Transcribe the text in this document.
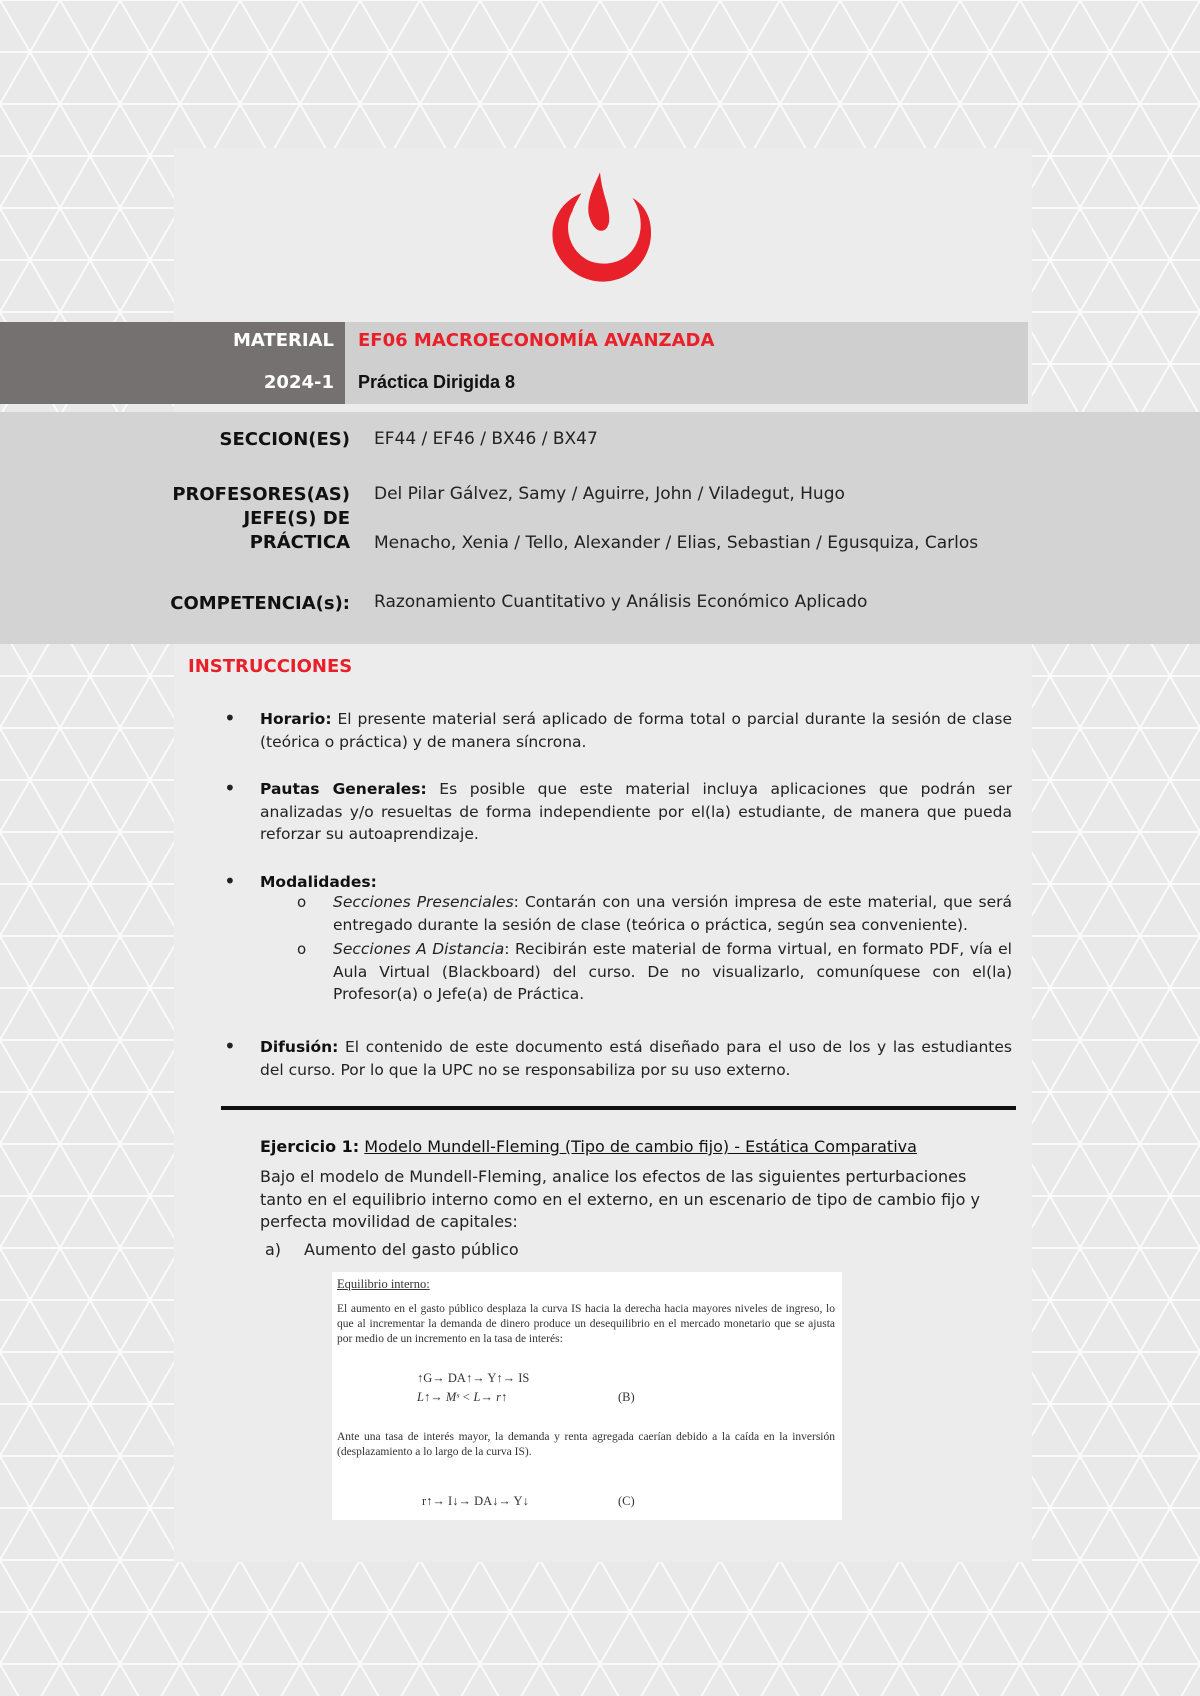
MATERIAL
2024-1
EF06 MACROECONOMÍA AVANZADA
Práctica Dirigida 8
SECCION(ES) EF44 / EF46 / BX46 / BX47
PROFESORES(AS) Del Pilar Gálvez, Samy / Aguirre, John / Viladegut, Hugo
JEFE(S) DE
PRÁCTICA Menacho, Xenia / Tello, Alexander / Elias, Sebastian / Egusquiza, Carlos
COMPETENCIA(s): Razonamiento Cuantitativo y Análisis Económico Aplicado
INSTRUCCIONES
• Horario: El presente material será aplicado de forma total o parcial durante la sesión de clase (teórica o práctica) y de manera síncrona.
• Pautas Generales: Es posible que este material incluya aplicaciones que podrán ser analizadas y/o resueltas de forma independiente por el(la) estudiante, de manera que pueda reforzar su autoaprendizaje.
• Modalidades:
o Secciones Presenciales: Contarán con una versión impresa de este material, que será entregado durante la sesión de clase (teórica o práctica, según sea conveniente).
o Secciones A Distancia: Recibirán este material de forma virtual, en formato PDF, vía el Aula Virtual (Blackboard) del curso. De no visualizarlo, comuníquese con el(la) Profesor(a) o Jefe(a) de Práctica.
• Difusión: El contenido de este documento está diseñado para el uso de los y las estudiantes del curso. Por lo que la UPC no se responsabiliza por su uso externo.
Ejercicio 1: Modelo Mundell-Fleming (Tipo de cambio fijo) - Estática Comparativa
Bajo el modelo de Mundell-Fleming, analice los efectos de las siguientes perturbaciones tanto en el equilibrio interno como en el externo, en un escenario de tipo de cambio fijo y perfecta movilidad de capitales:
a) Aumento del gasto público
Equilibrio interno:
El aumento en el gasto público desplaza la curva IS hacia la derecha hacia mayores niveles de ingreso, lo que al incrementar la demanda de dinero produce un desequilibrio en el mercado monetario que se ajusta por medio de un incremento en la tasa de interés:
↑G→ DA↑→ Y↑→ IS
L↑→ Mˢ < L→ r↑	(B)
Ante una tasa de interés mayor, la demanda y renta agregada caerían debido a la caída en la inversión (desplazamiento a lo largo de la curva IS).
r↑→ I↓→ DA↓→ Y↓	(C)
